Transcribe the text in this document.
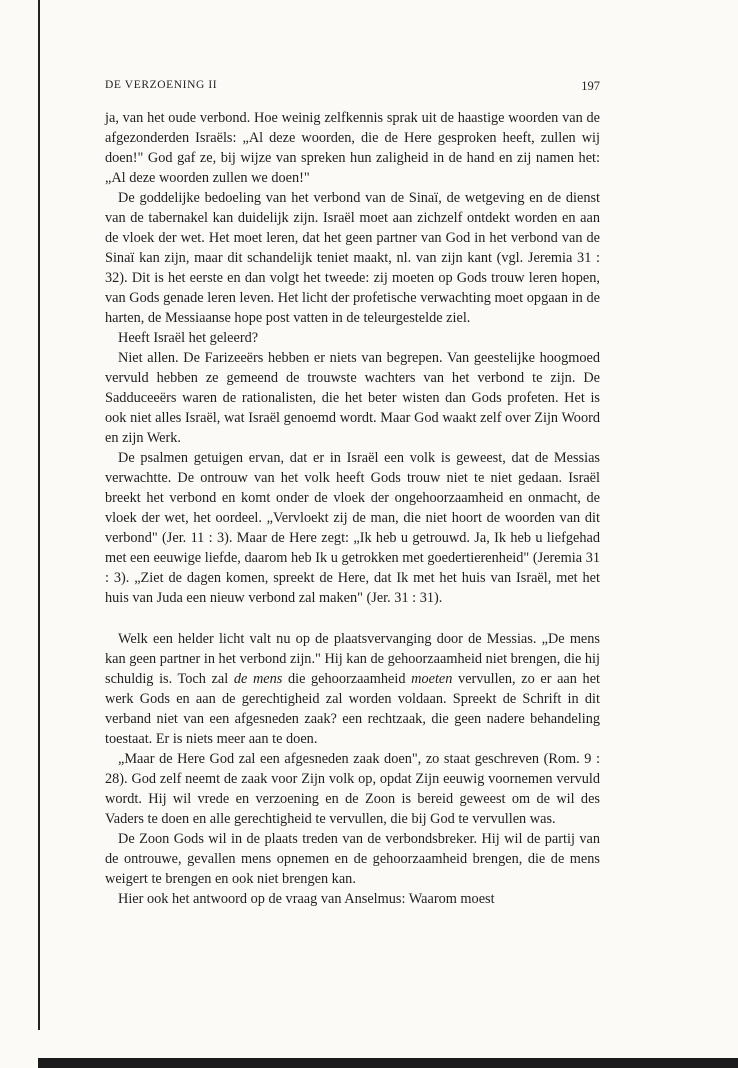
DE VERZOENING II	197

ja, van het oude verbond. Hoe weinig zelfkennis sprak uit de haastige woorden van de afgezonderden Israëls: „Al deze woorden, die de Here gesproken heeft, zullen wij doen!" God gaf ze, bij wijze van spreken hun zaligheid in de hand en zij namen het: „Al deze woorden zullen we doen!"

De goddelijke bedoeling van het verbond van de Sinaï, de wetgeving en de dienst van de tabernakel kan duidelijk zijn. Israël moet aan zichzelf ontdekt worden en aan de vloek der wet. Het moet leren, dat het geen partner van God in het verbond van de Sinaï kan zijn, maar dit schandelijk teniet maakt, nl. van zijn kant (vgl. Jeremia 31 : 32). Dit is het eerste en dan volgt het tweede: zij moeten op Gods trouw leren hopen, van Gods genade leren leven. Het licht der profetische verwachting moet opgaan in de harten, de Messiaanse hope post vatten in de teleurgestelde ziel.

Heeft Israël het geleerd?

Niet allen. De Farizeeërs hebben er niets van begrepen. Van geestelijke hoogmoed vervuld hebben ze gemeend de trouwste wachters van het verbond te zijn. De Sadduceeërs waren de rationalisten, die het beter wisten dan Gods profeten. Het is ook niet alles Israël, wat Israël genoemd wordt. Maar God waakt zelf over Zijn Woord en zijn Werk.

De psalmen getuigen ervan, dat er in Israël een volk is geweest, dat de Messias verwachtte. De ontrouw van het volk heeft Gods trouw niet te niet gedaan. Israël breekt het verbond en komt onder de vloek der ongehoorzaamheid en onmacht, de vloek der wet, het oordeel. „Vervloekt zij de man, die niet hoort de woorden van dit verbond" (Jer. 11 : 3). Maar de Here zegt: „Ik heb u getrouwd. Ja, Ik heb u liefgehad met een eeuwige liefde, daarom heb Ik u getrokken met goedertierenheid" (Jeremia 31 : 3). „Ziet de dagen komen, spreekt de Here, dat Ik met het huis van Israël, met het huis van Juda een nieuw verbond zal maken" (Jer. 31 : 31).

Welk een helder licht valt nu op de plaatsvervanging door de Messias. „De mens kan geen partner in het verbond zijn." Hij kan de gehoorzaamheid niet brengen, die hij schuldig is. Toch zal de mens die gehoorzaamheid moeten vervullen, zo er aan het werk Gods en aan de gerechtigheid zal worden voldaan. Spreekt de Schrift in dit verband niet van een afgesneden zaak? een rechtzaak, die geen nadere behandeling toestaat. Er is niets meer aan te doen.

„Maar de Here God zal een afgesneden zaak doen", zo staat geschreven (Rom. 9 : 28). God zelf neemt de zaak voor Zijn volk op, opdat Zijn eeuwig voornemen vervuld wordt. Hij wil vrede en verzoening en de Zoon is bereid geweest om de wil des Vaders te doen en alle gerechtigheid te vervullen, die bij God te vervullen was.

De Zoon Gods wil in de plaats treden van de verbondsbreker. Hij wil de partij van de ontrouwe, gevallen mens opnemen en de gehoorzaamheid brengen, die de mens weigert te brengen en ook niet brengen kan.

Hier ook het antwoord op de vraag van Anselmus: Waarom moest
